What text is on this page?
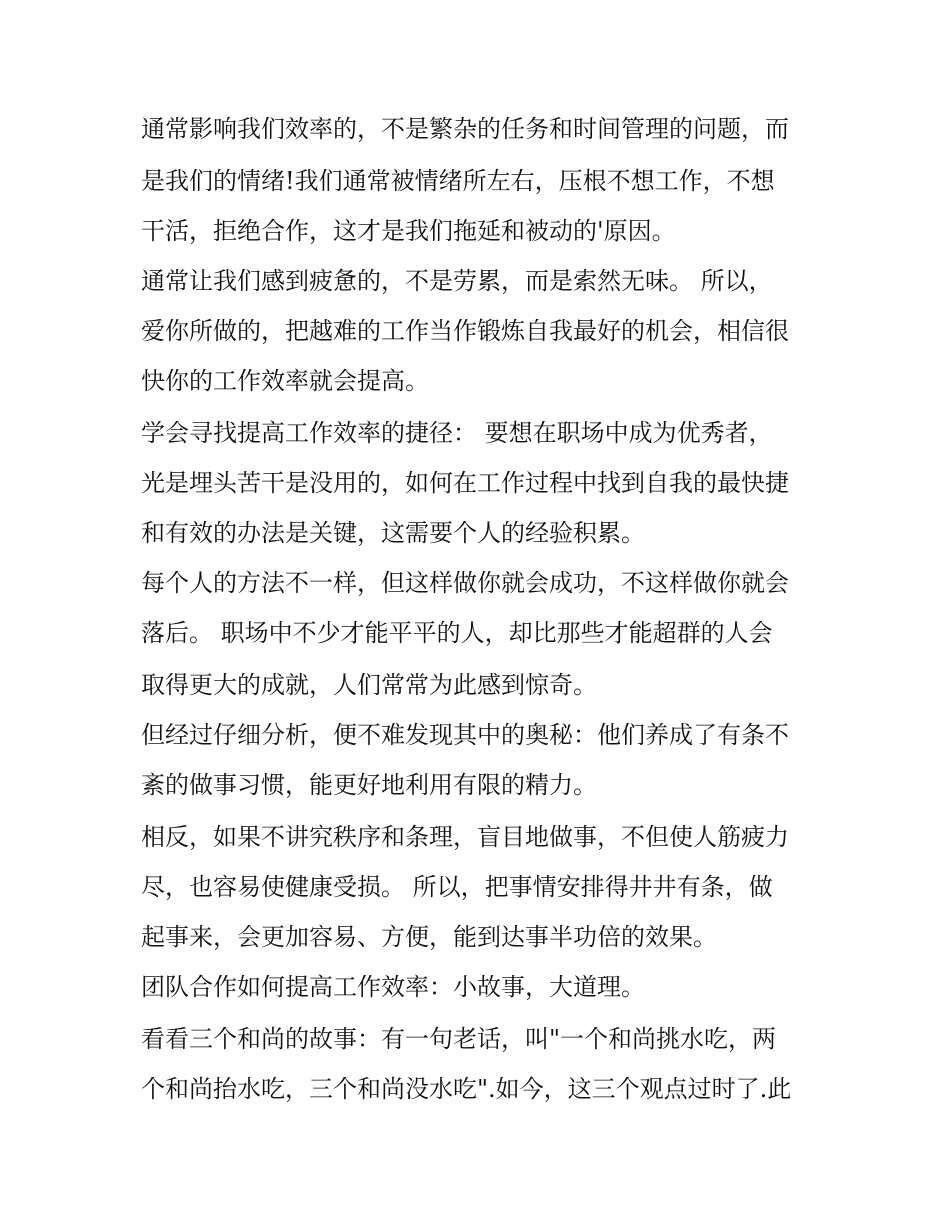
通常影响我们效率的，不是繁杂的任务和时间管理的问题，而

是我们的情绪!我们通常被情绪所左右，压根不想工作，不想

干活，拒绝合作，这才是我们拖延和被动的'原因。

通常让我们感到疲惫的，不是劳累，而是索然无味。 所以，

爱你所做的，把越难的工作当作锻炼自我最好的机会，相信很

快你的工作效率就会提高。

学会寻找提高工作效率的捷径： 要想在职场中成为优秀者，

光是埋头苦干是没用的，如何在工作过程中找到自我的最快捷

和有效的办法是关键，这需要个人的经验积累。

每个人的方法不一样，但这样做你就会成功，不这样做你就会

落后。 职场中不少才能平平的人，却比那些才能超群的人会

取得更大的成就，人们常常为此感到惊奇。

但经过仔细分析，便不难发现其中的奥秘：他们养成了有条不

紊的做事习惯，能更好地利用有限的精力。

相反，如果不讲究秩序和条理，盲目地做事，不但使人筋疲力

尽，也容易使健康受损。 所以，把事情安排得井井有条，做

起事来，会更加容易、方便，能到达事半功倍的效果。

团队合作如何提高工作效率：小故事，大道理。

看看三个和尚的故事：有一句老话，叫"一个和尚挑水吃，两

个和尚抬水吃，三个和尚没水吃".如今，这三个观点过时了.此
